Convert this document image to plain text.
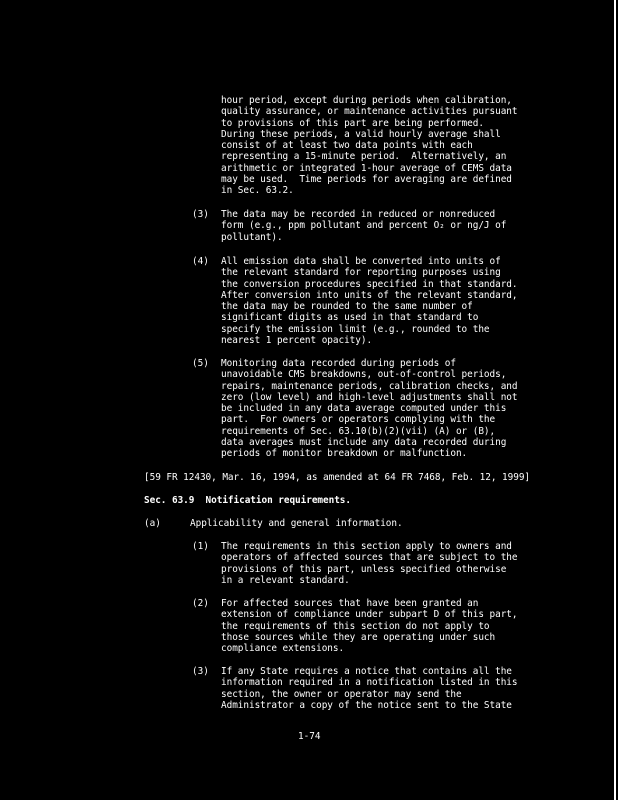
hour period, except during periods when calibration,
quality assurance, or maintenance activities pursuant
to provisions of this part are being performed.
During these periods, a valid hourly average shall
consist of at least two data points with each
representing a 15-minute period.  Alternatively, an
arithmetic or integrated 1-hour average of CEMS data
may be used.  Time periods for averaging are defined
in Sec. 63.2.
(3) The data may be recorded in reduced or nonreduced
form (e.g., ppm pollutant and percent O₂ or ng/J of
pollutant).
(4) All emission data shall be converted into units of
the relevant standard for reporting purposes using
the conversion procedures specified in that standard.
After conversion into units of the relevant standard,
the data may be rounded to the same number of
significant digits as used in that standard to
specify the emission limit (e.g., rounded to the
nearest 1 percent opacity).
(5) Monitoring data recorded during periods of
unavoidable CMS breakdowns, out-of-control periods,
repairs, maintenance periods, calibration checks, and
zero (low level) and high-level adjustments shall not
be included in any data average computed under this
part.  For owners or operators complying with the
requirements of Sec. 63.10(b)(2)(vii) (A) or (B),
data averages must include any data recorded during
periods of monitor breakdown or malfunction.
[59 FR 12430, Mar. 16, 1994, as amended at 64 FR 7468, Feb. 12, 1999]
Sec. 63.9  Notification requirements.
(a)	Applicability and general information.
(1) The requirements in this section apply to owners and
operators of affected sources that are subject to the
provisions of this part, unless specified otherwise
in a relevant standard.
(2) For affected sources that have been granted an
extension of compliance under subpart D of this part,
the requirements of this section do not apply to
those sources while they are operating under such
compliance extensions.
(3) If any State requires a notice that contains all the
information required in a notification listed in this
section, the owner or operator may send the
Administrator a copy of the notice sent to the State
1-74
